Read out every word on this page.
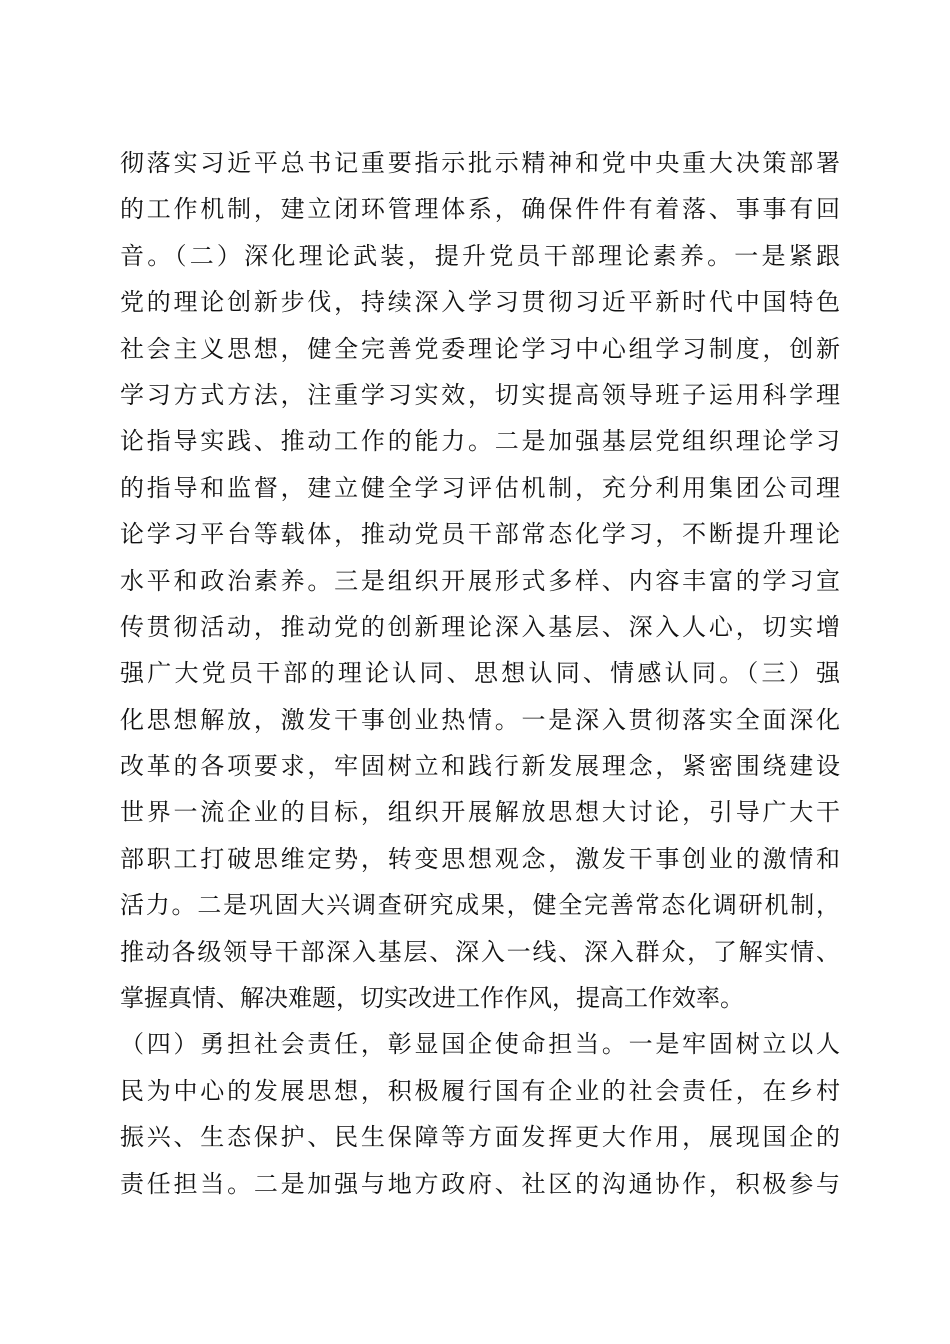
彻落实习近平总书记重要指示批示精神和党中央重大决策部署
的工作机制，建立闭环管理体系，确保件件有着落、事事有回
音。（二）深化理论武装，提升党员干部理论素养。一是紧跟
党的理论创新步伐，持续深入学习贯彻习近平新时代中国特色
社会主义思想，健全完善党委理论学习中心组学习制度，创新
学习方式方法，注重学习实效，切实提高领导班子运用科学理
论指导实践、推动工作的能力。二是加强基层党组织理论学习
的指导和监督，建立健全学习评估机制，充分利用集团公司理
论学习平台等载体，推动党员干部常态化学习，不断提升理论
水平和政治素养。三是组织开展形式多样、内容丰富的学习宣
传贯彻活动，推动党的创新理论深入基层、深入人心，切实增
强广大党员干部的理论认同、思想认同、情感认同。（三）强
化思想解放，激发干事创业热情。一是深入贯彻落实全面深化
改革的各项要求，牢固树立和践行新发展理念，紧密围绕建设
世界一流企业的目标，组织开展解放思想大讨论，引导广大干
部职工打破思维定势，转变思想观念，激发干事创业的激情和
活力。二是巩固大兴调查研究成果，健全完善常态化调研机制，
推动各级领导干部深入基层、深入一线、深入群众，了解实情、
掌握真情、解决难题，切实改进工作作风，提高工作效率。
（四）勇担社会责任，彰显国企使命担当。一是牢固树立以人
民为中心的发展思想，积极履行国有企业的社会责任，在乡村
振兴、生态保护、民生保障等方面发挥更大作用，展现国企的
责任担当。二是加强与地方政府、社区的沟通协作，积极参与
